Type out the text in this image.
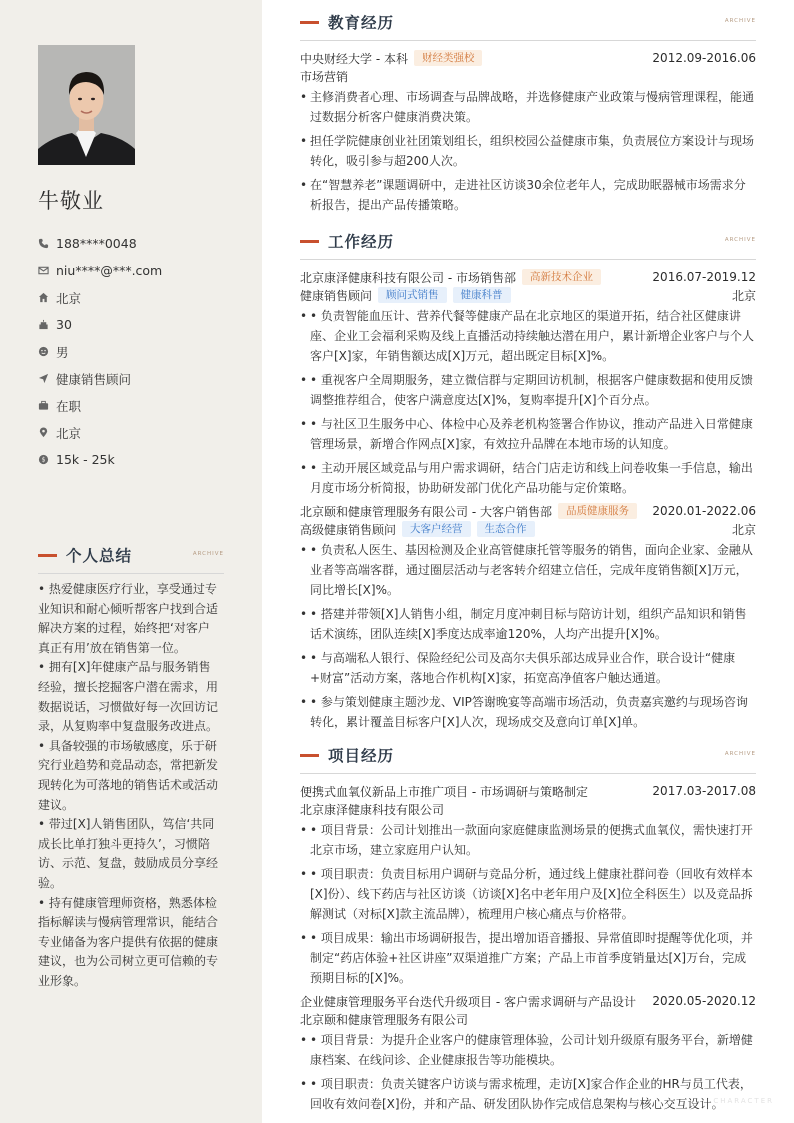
牛敬业
188****0048
niu****@***.com
北京
30
男
健康销售顾问
在职
北京
$ 15k - 25k
个人总结	ARCHIVE

• 热爱健康医疗行业，享受通过专业知识和耐心倾听帮客户找到合适解决方案的过程，始终把‘对客户真正有用’放在销售第一位。

• 拥有[X]年健康产品与服务销售经验，擅长挖掘客户潜在需求，用数据说话，习惯做好每一次回访记录，从复购率中复盘服务改进点。

• 具备较强的市场敏感度，乐于研究行业趋势和竞品动态，常把新发现转化为可落地的销售话术或活动建议。

• 带过[X]人销售团队，笃信‘共同成长比单打独斗更持久’，习惯陪访、示范、复盘，鼓励成员分享经验。

• 持有健康管理师资格，熟悉体检指标解读与慢病管理常识，能结合专业储备为客户提供有依据的健康建议，也为公司树立更可信赖的专业形象。

教育经历	ARCHIVE
中央财经大学 - 本科	财经类强校	2012.09-2016.06
市场营销
• 主修消费者心理、市场调查与品牌战略，并选修健康产业政策与慢病管理课程，能通过数据分析客户健康消费决策。
• 担任学院健康创业社团策划组长，组织校园公益健康市集，负责展位方案设计与现场转化，吸引参与超200人次。
• 在“智慧养老”课题调研中，走进社区访谈30余位老年人，完成助眠器械市场需求分析报告，提出产品传播策略。
工作经历	ARCHIVE
北京康泽健康科技有限公司 - 市场销售部	高新技术企业	2016.07-2019.12
健康销售顾问	顾问式销售	健康科普	北京
• • 负责智能血压计、营养代餐等健康产品在北京地区的渠道开拓，结合社区健康讲座、企业工会福利采购及线上直播活动持续触达潜在用户，累计新增企业客户与个人客户[X]家，年销售额达成[X]万元，超出既定目标[X]%。
• • 重视客户全周期服务，建立微信群与定期回访机制，根据客户健康数据和使用反馈调整推荐组合，使客户满意度达[X]%，复购率提升[X]个百分点。
• • 与社区卫生服务中心、体检中心及养老机构签署合作协议，推动产品进入日常健康管理场景，新增合作网点[X]家，有效拉升品牌在本地市场的认知度。
• • 主动开展区域竞品与用户需求调研，结合门店走访和线上问卷收集一手信息，输出月度市场分析简报，协助研发部门优化产品功能与定价策略。
北京颐和健康管理服务有限公司 - 大客户销售部	品质健康服务	2020.01-2022.06
高级健康销售顾问	大客户经营	生态合作	北京
• • 负责私人医生、基因检测及企业高管健康托管等服务的销售，面向企业家、金融从业者等高端客群，通过圈层活动与老客转介绍建立信任，完成年度销售额[X]万元，同比增长[X]%。
• • 搭建并带领[X]人销售小组，制定月度冲刺目标与陪访计划，组织产品知识和销售话术演练，团队连续[X]季度达成率逾120%，人均产出提升[X]%。
• • 与高端私人银行、保险经纪公司及高尔夫俱乐部达成异业合作，联合设计“健康+财富”活动方案，落地合作机构[X]家，拓宽高净值客户触达通道。
• • 参与策划健康主题沙龙、VIP答谢晚宴等高端市场活动，负责嘉宾邀约与现场咨询转化，累计覆盖目标客户[X]人次，现场成交及意向订单[X]单。
项目经历	ARCHIVE
便携式血氧仪新品上市推广项目 - 市场调研与策略制定	2017.03-2017.08
北京康泽健康科技有限公司
• • 项目背景：公司计划推出一款面向家庭健康监测场景的便携式血氧仪，需快速打开北京市场，建立家庭用户认知。
• • 项目职责：负责目标用户调研与竞品分析，通过线上健康社群问卷（回收有效样本[X]份）、线下药店与社区访谈（访谈[X]名中老年用户及[X]位全科医生）以及竞品拆解测试（对标[X]款主流品牌），梳理用户核心痛点与价格带。
• • 项目成果：输出市场调研报告，提出增加语音播报、异常值即时提醒等优化项，并制定“药店体验+社区讲座”双渠道推广方案；产品上市首季度销量达[X]万台，完成预期目标的[X]%。
企业健康管理服务平台迭代升级项目 - 客户需求调研与产品设计 2020.05-2020.12
北京颐和健康管理服务有限公司
• • 项目背景：为提升企业客户的健康管理体验，公司计划升级原有服务平台，新增健康档案、在线问诊、企业健康报告等功能模块。
• • 项目职责：负责关键客户访谈与需求梳理，走访[X]家合作企业的HR与员工代表，回收有效问卷[X]份，并和产品、研发团队协作完成信息架构与核心交互设计。
CHARACTER
